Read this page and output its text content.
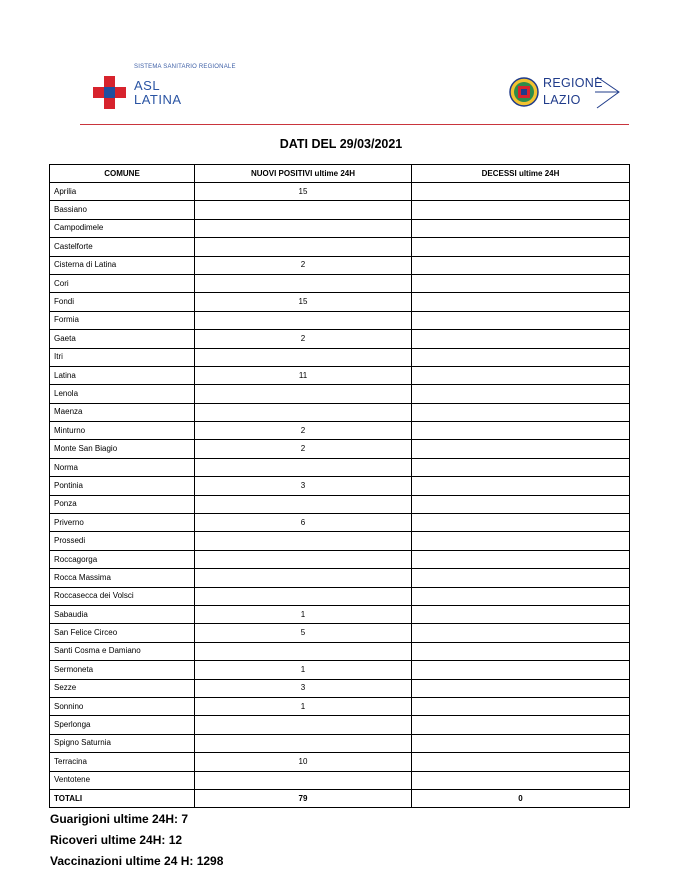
SISTEMA SANITARIO REGIONALE
ASL
LATINA
REGIONE
LAZIO
DATI DEL 29/03/2021
COMUNE	NUOVI POSITIVI ultime 24H	DECESSI ultime 24H
Aprilia	15	
Bassiano		
Campodimele		
Castelforte		
Cisterna di Latina	2	
Cori		
Fondi	15	
Formia		
Gaeta	2	
Itri		
Latina	11	
Lenola		
Maenza		
Minturno	2	
Monte San Biagio	2	
Norma		
Pontinia	3	
Ponza		
Priverno	6	
Prossedi		
Roccagorga		
Rocca Massima		
Roccasecca dei Volsci		
Sabaudia	1	
San Felice Circeo	5	
Santi Cosma e Damiano		
Sermoneta	1	
Sezze	3	
Sonnino	1	
Sperlonga		
Spigno Saturnia		
Terracina	10	
Ventotene		
TOTALI	79	0
Guarigioni ultime 24H: 7
Ricoveri ultime 24H: 12
Vaccinazioni ultime 24 H: 1298
